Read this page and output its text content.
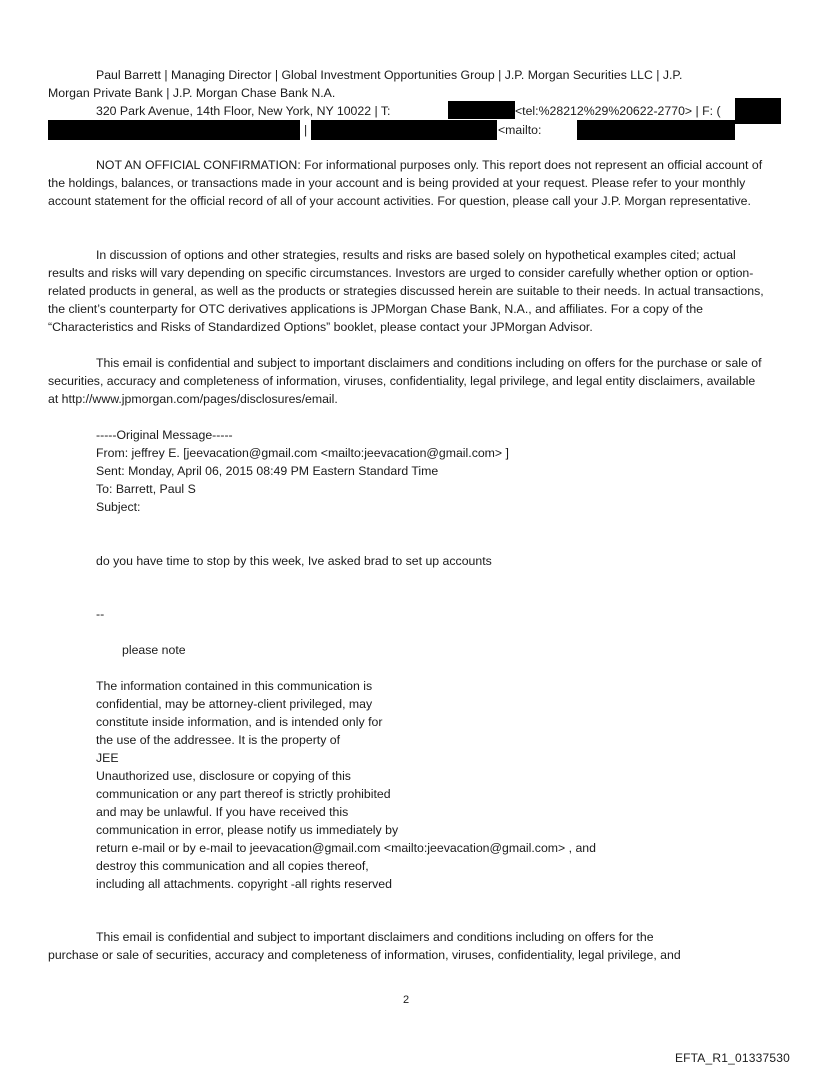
Paul Barrett | Managing Director | Global Investment Opportunities Group | J.P. Morgan Securities LLC | J.P.
Morgan Private Bank | J.P. Morgan Chase Bank N.A.
320 Park Avenue, 14th Floor, New York, NY 10022 | T:	<tel:%28212%29%20622-2770> | F: (
|	<mailto:
NOT AN OFFICIAL CONFIRMATION: For informational purposes only. This report does not represent an official account of the holdings, balances, or transactions made in your account and is being provided at your request. Please refer to your monthly account statement for the official record of all of your account activities. For question, please call your J.P. Morgan representative.
In discussion of options and other strategies, results and risks are based solely on hypothetical examples cited; actual results and risks will vary depending on specific circumstances. Investors are urged to consider carefully whether option or option-related products in general, as well as the products or strategies discussed herein are suitable to their needs. In actual transactions, the client’s counterparty for OTC derivatives applications is JPMorgan Chase Bank, N.A., and affiliates. For a copy of the “Characteristics and Risks of Standardized Options” booklet, please contact your JPMorgan Advisor.
This email is confidential and subject to important disclaimers and conditions including on offers for the purchase or sale of securities, accuracy and completeness of information, viruses, confidentiality, legal privilege, and legal entity disclaimers, available at http://www.jpmorgan.com/pages/disclosures/email.
-----Original Message-----
From: jeffrey E. [jeevacation@gmail.com <mailto:jeevacation@gmail.com> ]
Sent: Monday, April 06, 2015 08:49 PM Eastern Standard Time
To: Barrett, Paul S
Subject:
do you have time to stop by this week, Ive asked brad to set up accounts
--
please note
The information contained in this communication is
confidential, may be attorney-client privileged, may
constitute inside information, and is intended only for
the use of the addressee. It is the property of
JEE
Unauthorized use, disclosure or copying of this
communication or any part thereof is strictly prohibited
and may be unlawful. If you have received this
communication in error, please notify us immediately by
return e-mail or by e-mail to jeevacation@gmail.com <mailto:jeevacation@gmail.com> , and
destroy this communication and all copies thereof,
including all attachments. copyright -all rights reserved
This email is confidential and subject to important disclaimers and conditions including on offers for the
purchase or sale of securities, accuracy and completeness of information, viruses, confidentiality, legal privilege, and
2
EFTA_R1_01337530
